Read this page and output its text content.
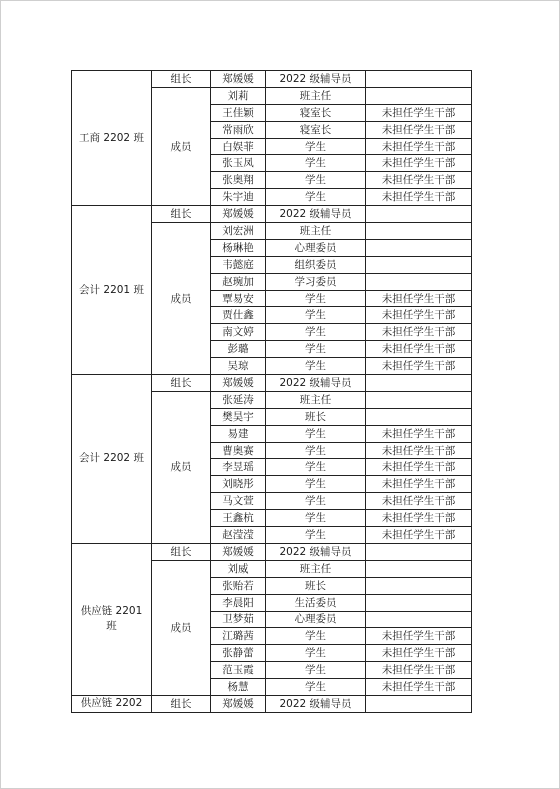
工商 2202 班	组长	郑媛媛	2022 级辅导员	
	成员	刘莉	班主任	
		王佳颖	寝室长	未担任学生干部
		常雨欣	寝室长	未担任学生干部
		白娱菲	学生	未担任学生干部
		张玉凤	学生	未担任学生干部
		张奥翔	学生	未担任学生干部
		朱宇迪	学生	未担任学生干部
会计 2201 班	组长	郑媛媛	2022 级辅导员	
	成员	刘宏洲	班主任	
		杨琳艳	心理委员	
		韦懿庭	组织委员	
		赵琬加	学习委员	
		覃易安	学生	未担任学生干部
		贾仕鑫	学生	未担任学生干部
		南文婷	学生	未担任学生干部
		彭璐	学生	未担任学生干部
		吴琼	学生	未担任学生干部
会计 2202 班	组长	郑媛媛	2022 级辅导员	
	成员	张延涛	班主任	
		樊昊宇	班长	
		易建	学生	未担任学生干部
		曹奥赛	学生	未担任学生干部
		李昱瑶	学生	未担任学生干部
		刘晓彤	学生	未担任学生干部
		马文萱	学生	未担任学生干部
		王鑫杭	学生	未担任学生干部
		赵滢滢	学生	未担任学生干部
供应链 2201 班	组长	郑媛媛	2022 级辅导员	
	成员	刘威	班主任	
		张贻若	班长	
		李晨阳	生活委员	
		卫梦茹	心理委员	
		江璐茜	学生	未担任学生干部
		张静蕾	学生	未担任学生干部
		范玉霞	学生	未担任学生干部
		杨慧	学生	未担任学生干部
供应链 2202	组长	郑媛媛	2022 级辅导员	
